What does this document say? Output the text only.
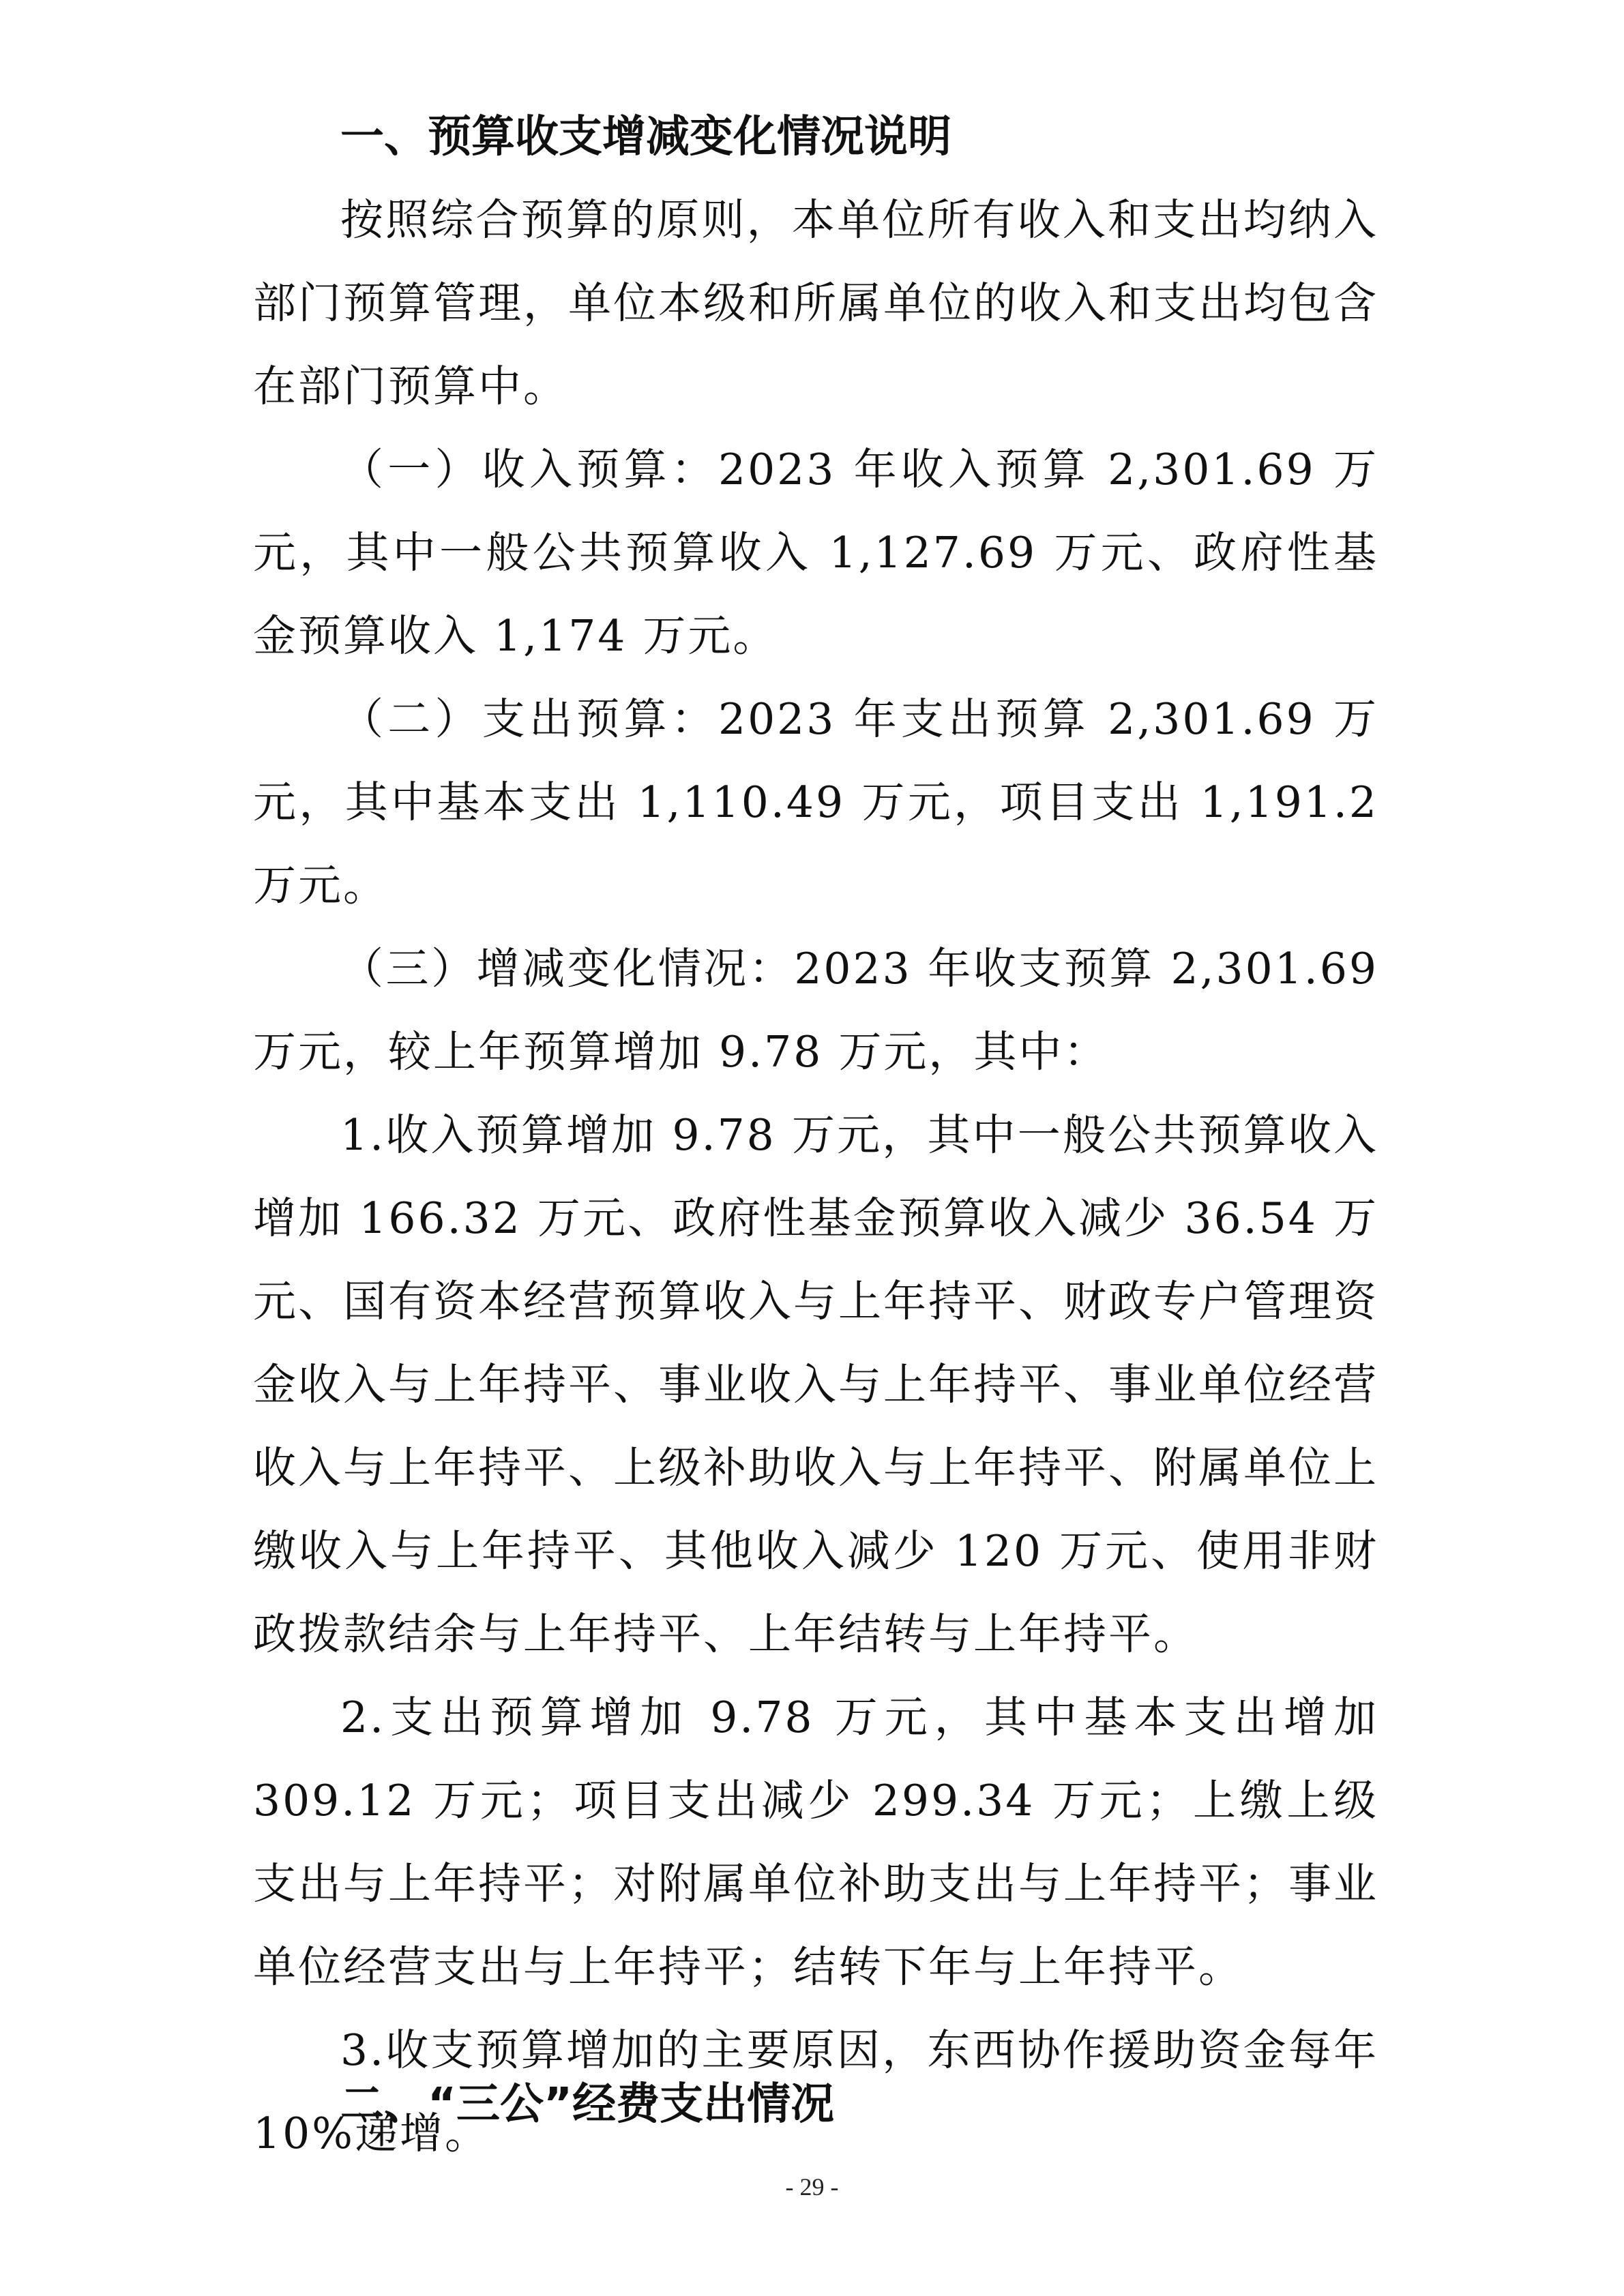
一、预算收支增减变化情况说明

按照综合预算的原则，本单位所有收入和支出均纳入部门预算管理，单位本级和所属单位的收入和支出均包含在部门预算中。

（一）收入预算：2023 年收入预算 2,301.69 万元，其中一般公共预算收入 1,127.69 万元、政府性基金预算收入 1,174 万元。

（二）支出预算：2023 年支出预算 2,301.69 万元，其中基本支出 1,110.49 万元，项目支出 1,191.2 万元。

（三）增减变化情况：2023 年收支预算 2,301.69 万元，较上年预算增加 9.78 万元，其中：

1.收入预算增加 9.78 万元，其中一般公共预算收入增加 166.32 万元、政府性基金预算收入减少 36.54 万元、国有资本经营预算收入与上年持平、财政专户管理资金收入与上年持平、事业收入与上年持平、事业单位经营收入与上年持平、上级补助收入与上年持平、附属单位上缴收入与上年持平、其他收入减少 120 万元、使用非财政拨款结余与上年持平、上年结转与上年持平。

2.支出预算增加 9.78 万元，其中基本支出增加 309.12 万元；项目支出减少 299.34 万元；上缴上级支出与上年持平；对附属单位补助支出与上年持平；事业单位经营支出与上年持平；结转下年与上年持平。

3.收支预算增加的主要原因，东西协作援助资金每年 10%递增。

二、“三公”经费支出情况
- 29 -
